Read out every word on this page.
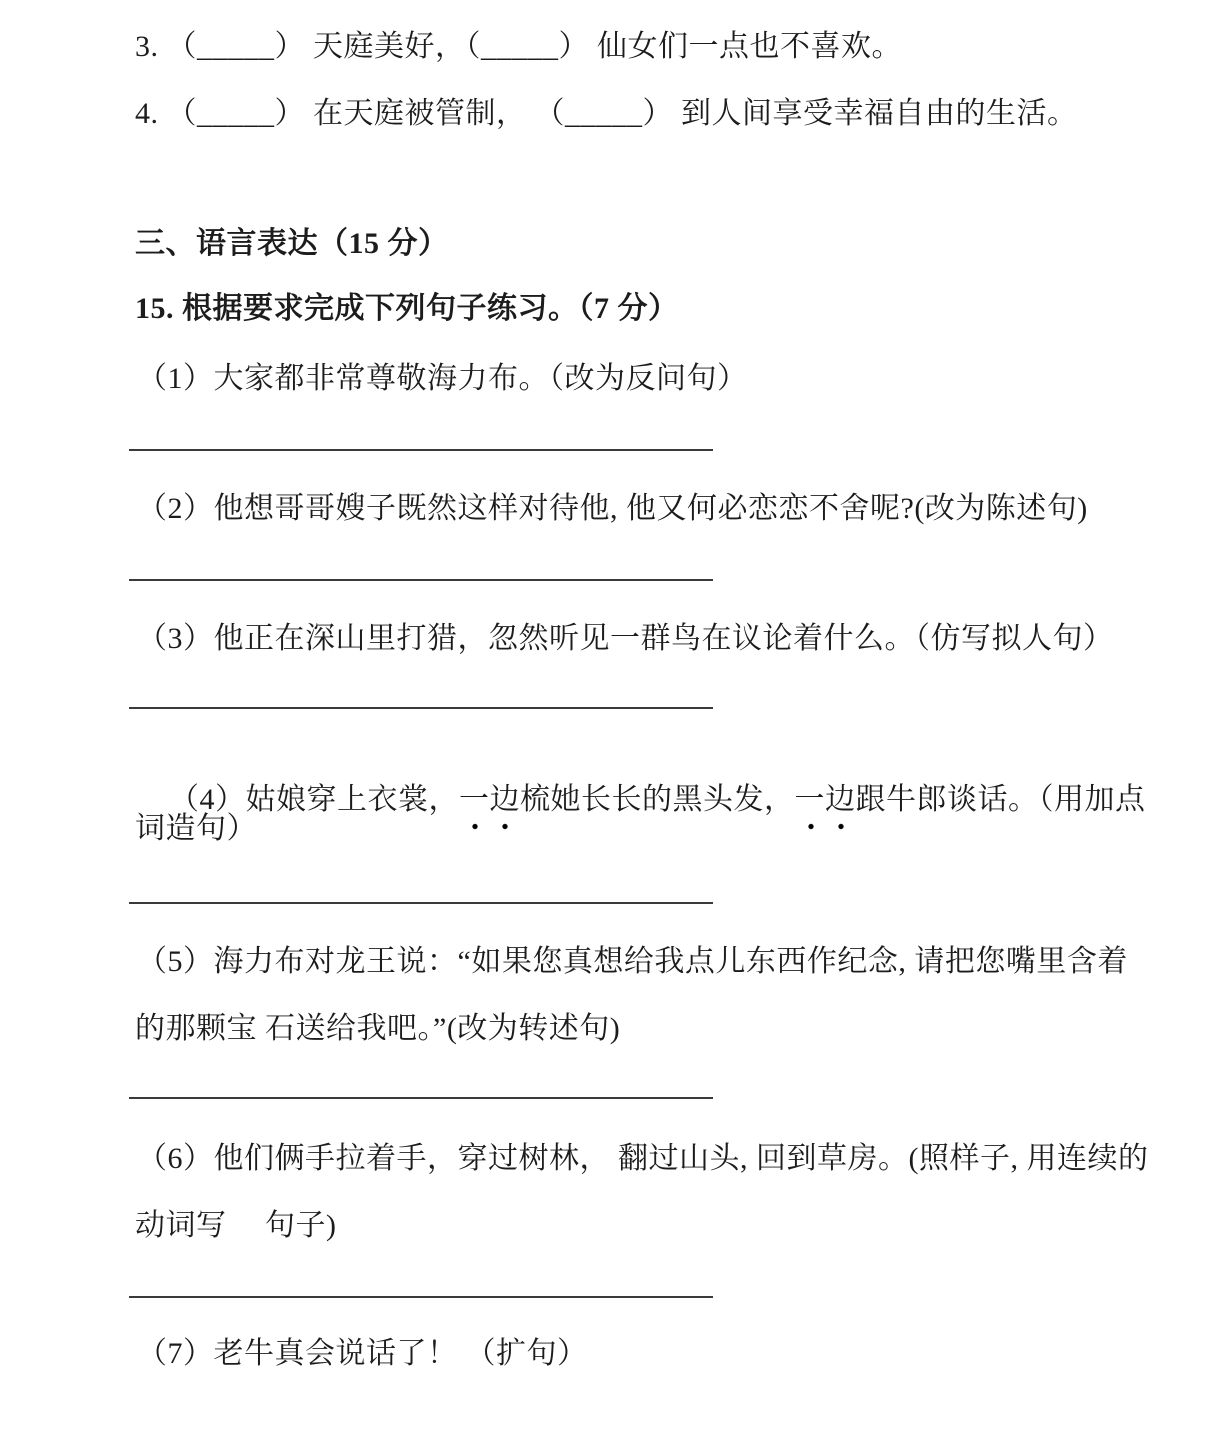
3. （_____） 天庭美好，（_____） 仙女们一点也不喜欢。
4. （_____） 在天庭被管制， （_____） 到人间享受幸福自由的生活。
三、语言表达（15 分）
15. 根据要求完成下列句子练习。（7 分）
（1）大家都非常尊敬海力布。（改为反问句）
（2）他想哥哥嫂子既然这样对待他, 他又何必恋恋不舍呢?(改为陈述句)
（3）他正在深山里打猎，忽然听见一群鸟在议论着什么。（仿写拟人句）

（4）姑娘穿上衣裳，一边梳她长长的黑头发，一边跟牛郎谈话。（用加点

词造句）
（5）海力布对龙王说：“如果您真想给我点儿东西作纪念, 请把您嘴里含着
的那颗宝 石送给我吧。”(改为转述句)
（6）他们俩手拉着手，穿过树林， 翻过山头, 回到草房。(照样子, 用连续的
动词写　 句子)
（7）老牛真会说话了！ （扩句）
